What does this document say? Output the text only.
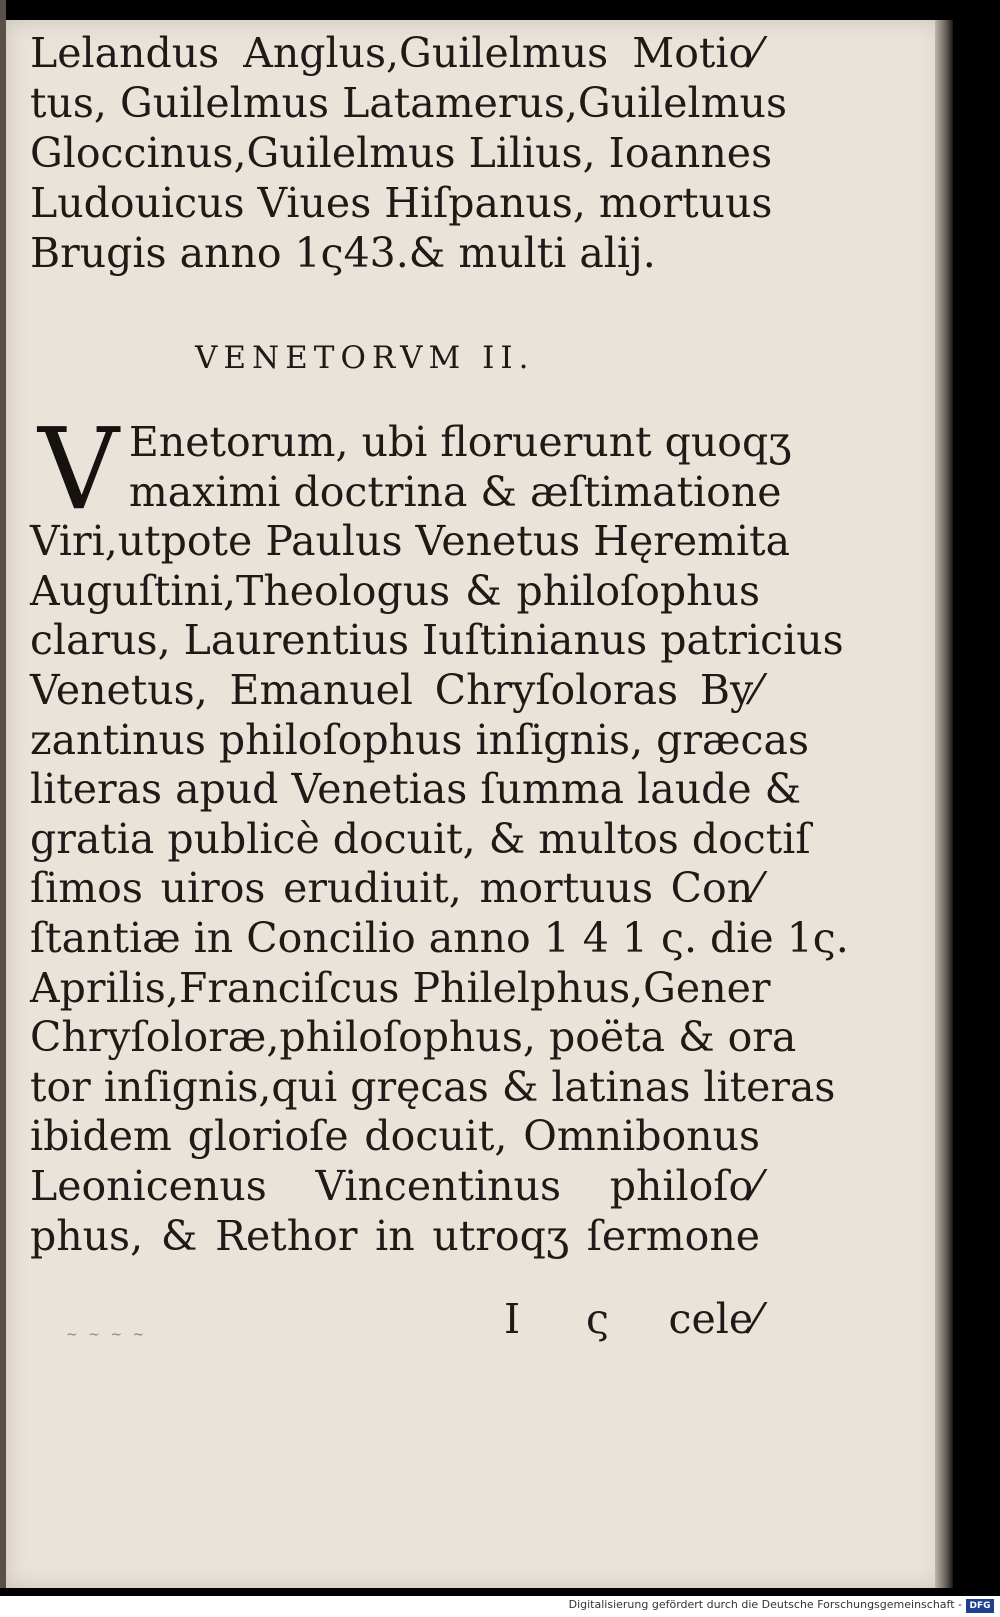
Lelandus Anglus,Guilelmus Motio⁄
tus, Guilelmus Latamerus,Guilelmus
Gloccinus,Guilelmus Lilius, Ioannes
Ludouicus Viues Hiſpanus, mortuus
Brugis anno 1ς43.& multi alij.
VENETORVM II.
V Enetorum, ubi floruerunt quoqʒ
maximi doctrina & æſtimatione
Viri,utpote Paulus Venetus Hęremita
Auguſtini,Theologus & philoſophus
clarus, Laurentius Iuſtinianus patricius
Venetus, Emanuel Chryſoloras By⁄
zantinus philoſophus inſignis, græcas
literas apud Venetias ſumma laude &
gratia publicè docuit, & multos doctiſ
ſimos uiros erudiuit, mortuus Con⁄
ſtantiæ in Concilio anno 1 4 1 ς. die 1ς.
Aprilis,Franciſcus Philelphus,Gener
Chryſoloræ,philoſophus, poëta & ora
tor inſignis,qui gręcas & latinas literas
ibidem glorioſe docuit, Omnibonus
Leonicenus Vincentinus philoſo⁄
phus, & Rethor in utroqʒ ſermone
I ς cele⁄
Digitalisierung gefördert durch die Deutsche Forschungsgemeinschaft - DFG
